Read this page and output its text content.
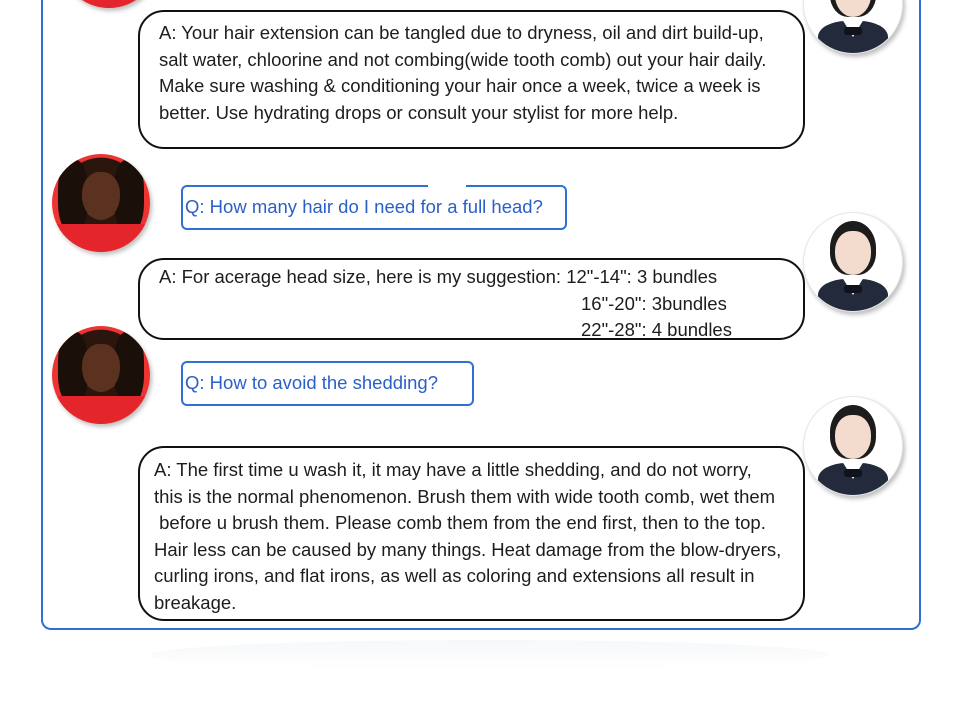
A: Your hair extension can be tangled due to dryness, oil and dirt build-up,
salt water, chloorine and not combing(wide tooth comb) out your hair daily.
Make sure washing & conditioning your hair once a week, twice a week is
better. Use hydrating drops or consult your stylist for more help.
Q: How many hair do I need for a full head?
A: For acerage head size, here is my suggestion: 12"-14": 3 bundles
16"-20": 3bundles
22"-28": 4 bundles
Q: How to avoid the shedding?
A: The first time u wash it, it may have a little shedding, and do not worry,
this is the normal phenomenon. Brush them with wide tooth comb, wet them
before u brush them. Please comb them from the end first, then to the top.
Hair less can be caused by many things. Heat damage from the blow-dryers,
curling irons, and flat irons, as well as coloring and extensions all result in
breakage.
